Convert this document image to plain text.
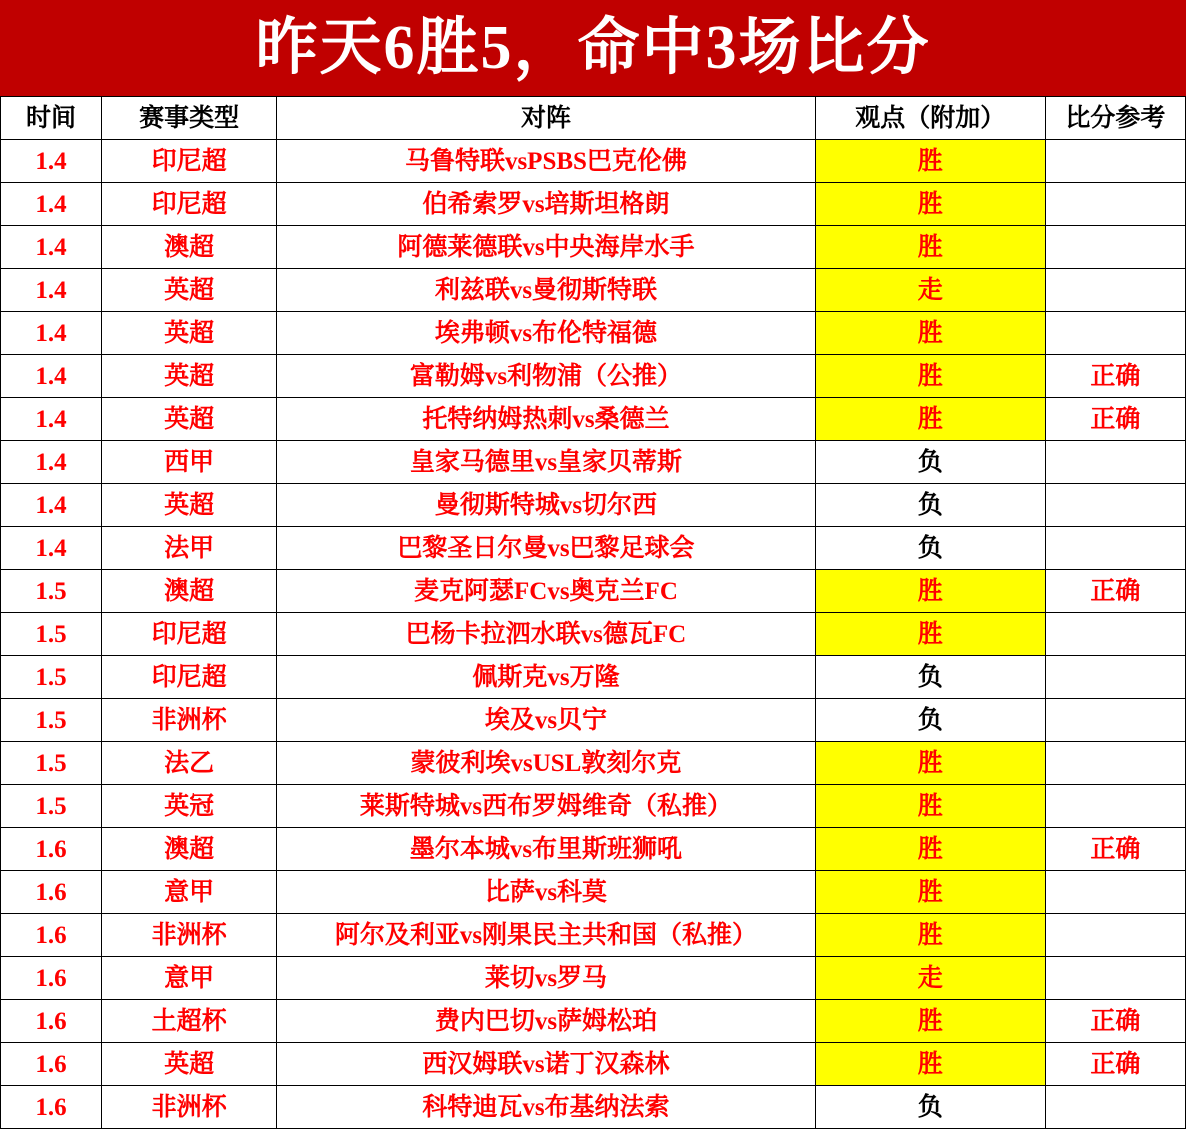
昨天6胜5，命中3场比分
时间	赛事类型	对阵	观点（附加）	比分参考
1.4	印尼超	马鲁特联vsPSBS巴克伦佛	胜	
1.4	印尼超	伯希索罗vs培斯坦格朗	胜	
1.4	澳超	阿德莱德联vs中央海岸水手	胜	
1.4	英超	利兹联vs曼彻斯特联	走	
1.4	英超	埃弗顿vs布伦特福德	胜	
1.4	英超	富勒姆vs利物浦（公推）	胜	正确
1.4	英超	托特纳姆热刺vs桑德兰	胜	正确
1.4	西甲	皇家马德里vs皇家贝蒂斯	负	
1.4	英超	曼彻斯特城vs切尔西	负	
1.4	法甲	巴黎圣日尔曼vs巴黎足球会	负	
1.5	澳超	麦克阿瑟FCvs奥克兰FC	胜	正确
1.5	印尼超	巴杨卡拉泗水联vs德瓦FC	胜	
1.5	印尼超	佩斯克vs万隆	负	
1.5	非洲杯	埃及vs贝宁	负	
1.5	法乙	蒙彼利埃vsUSL敦刻尔克	胜	
1.5	英冠	莱斯特城vs西布罗姆维奇（私推）	胜	
1.6	澳超	墨尔本城vs布里斯班狮吼	胜	正确
1.6	意甲	比萨vs科莫	胜	
1.6	非洲杯	阿尔及利亚vs刚果民主共和国（私推）	胜	
1.6	意甲	莱切vs罗马	走	
1.6	土超杯	费内巴切vs萨姆松珀	胜	正确
1.6	英超	西汉姆联vs诺丁汉森林	胜	正确
1.6	非洲杯	科特迪瓦vs布基纳法索	负	
